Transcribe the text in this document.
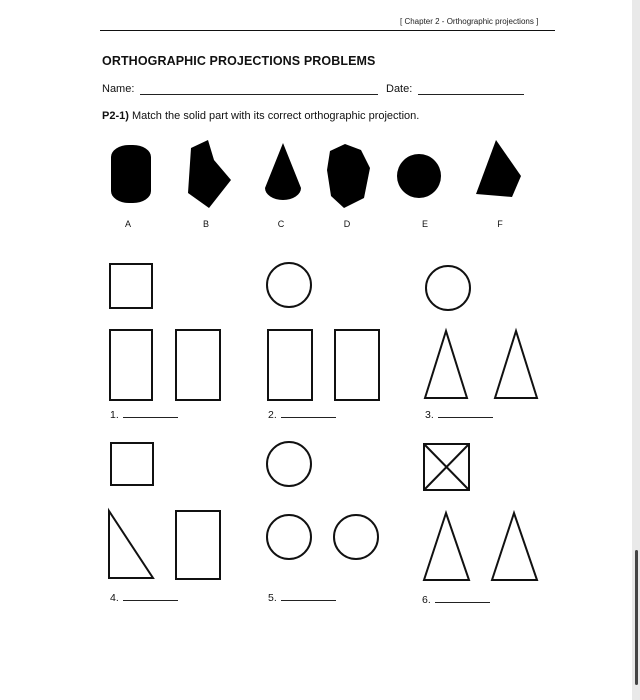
[ Chapter 2 - Orthographic projections ]
ORTHOGRAPHIC PROJECTIONS PROBLEMS
Name:	Date:
P2-1) Match the solid part with its correct orthographic projection.
A	B	C	D	E	F
1.	2.	3.
4.	5.	6.
